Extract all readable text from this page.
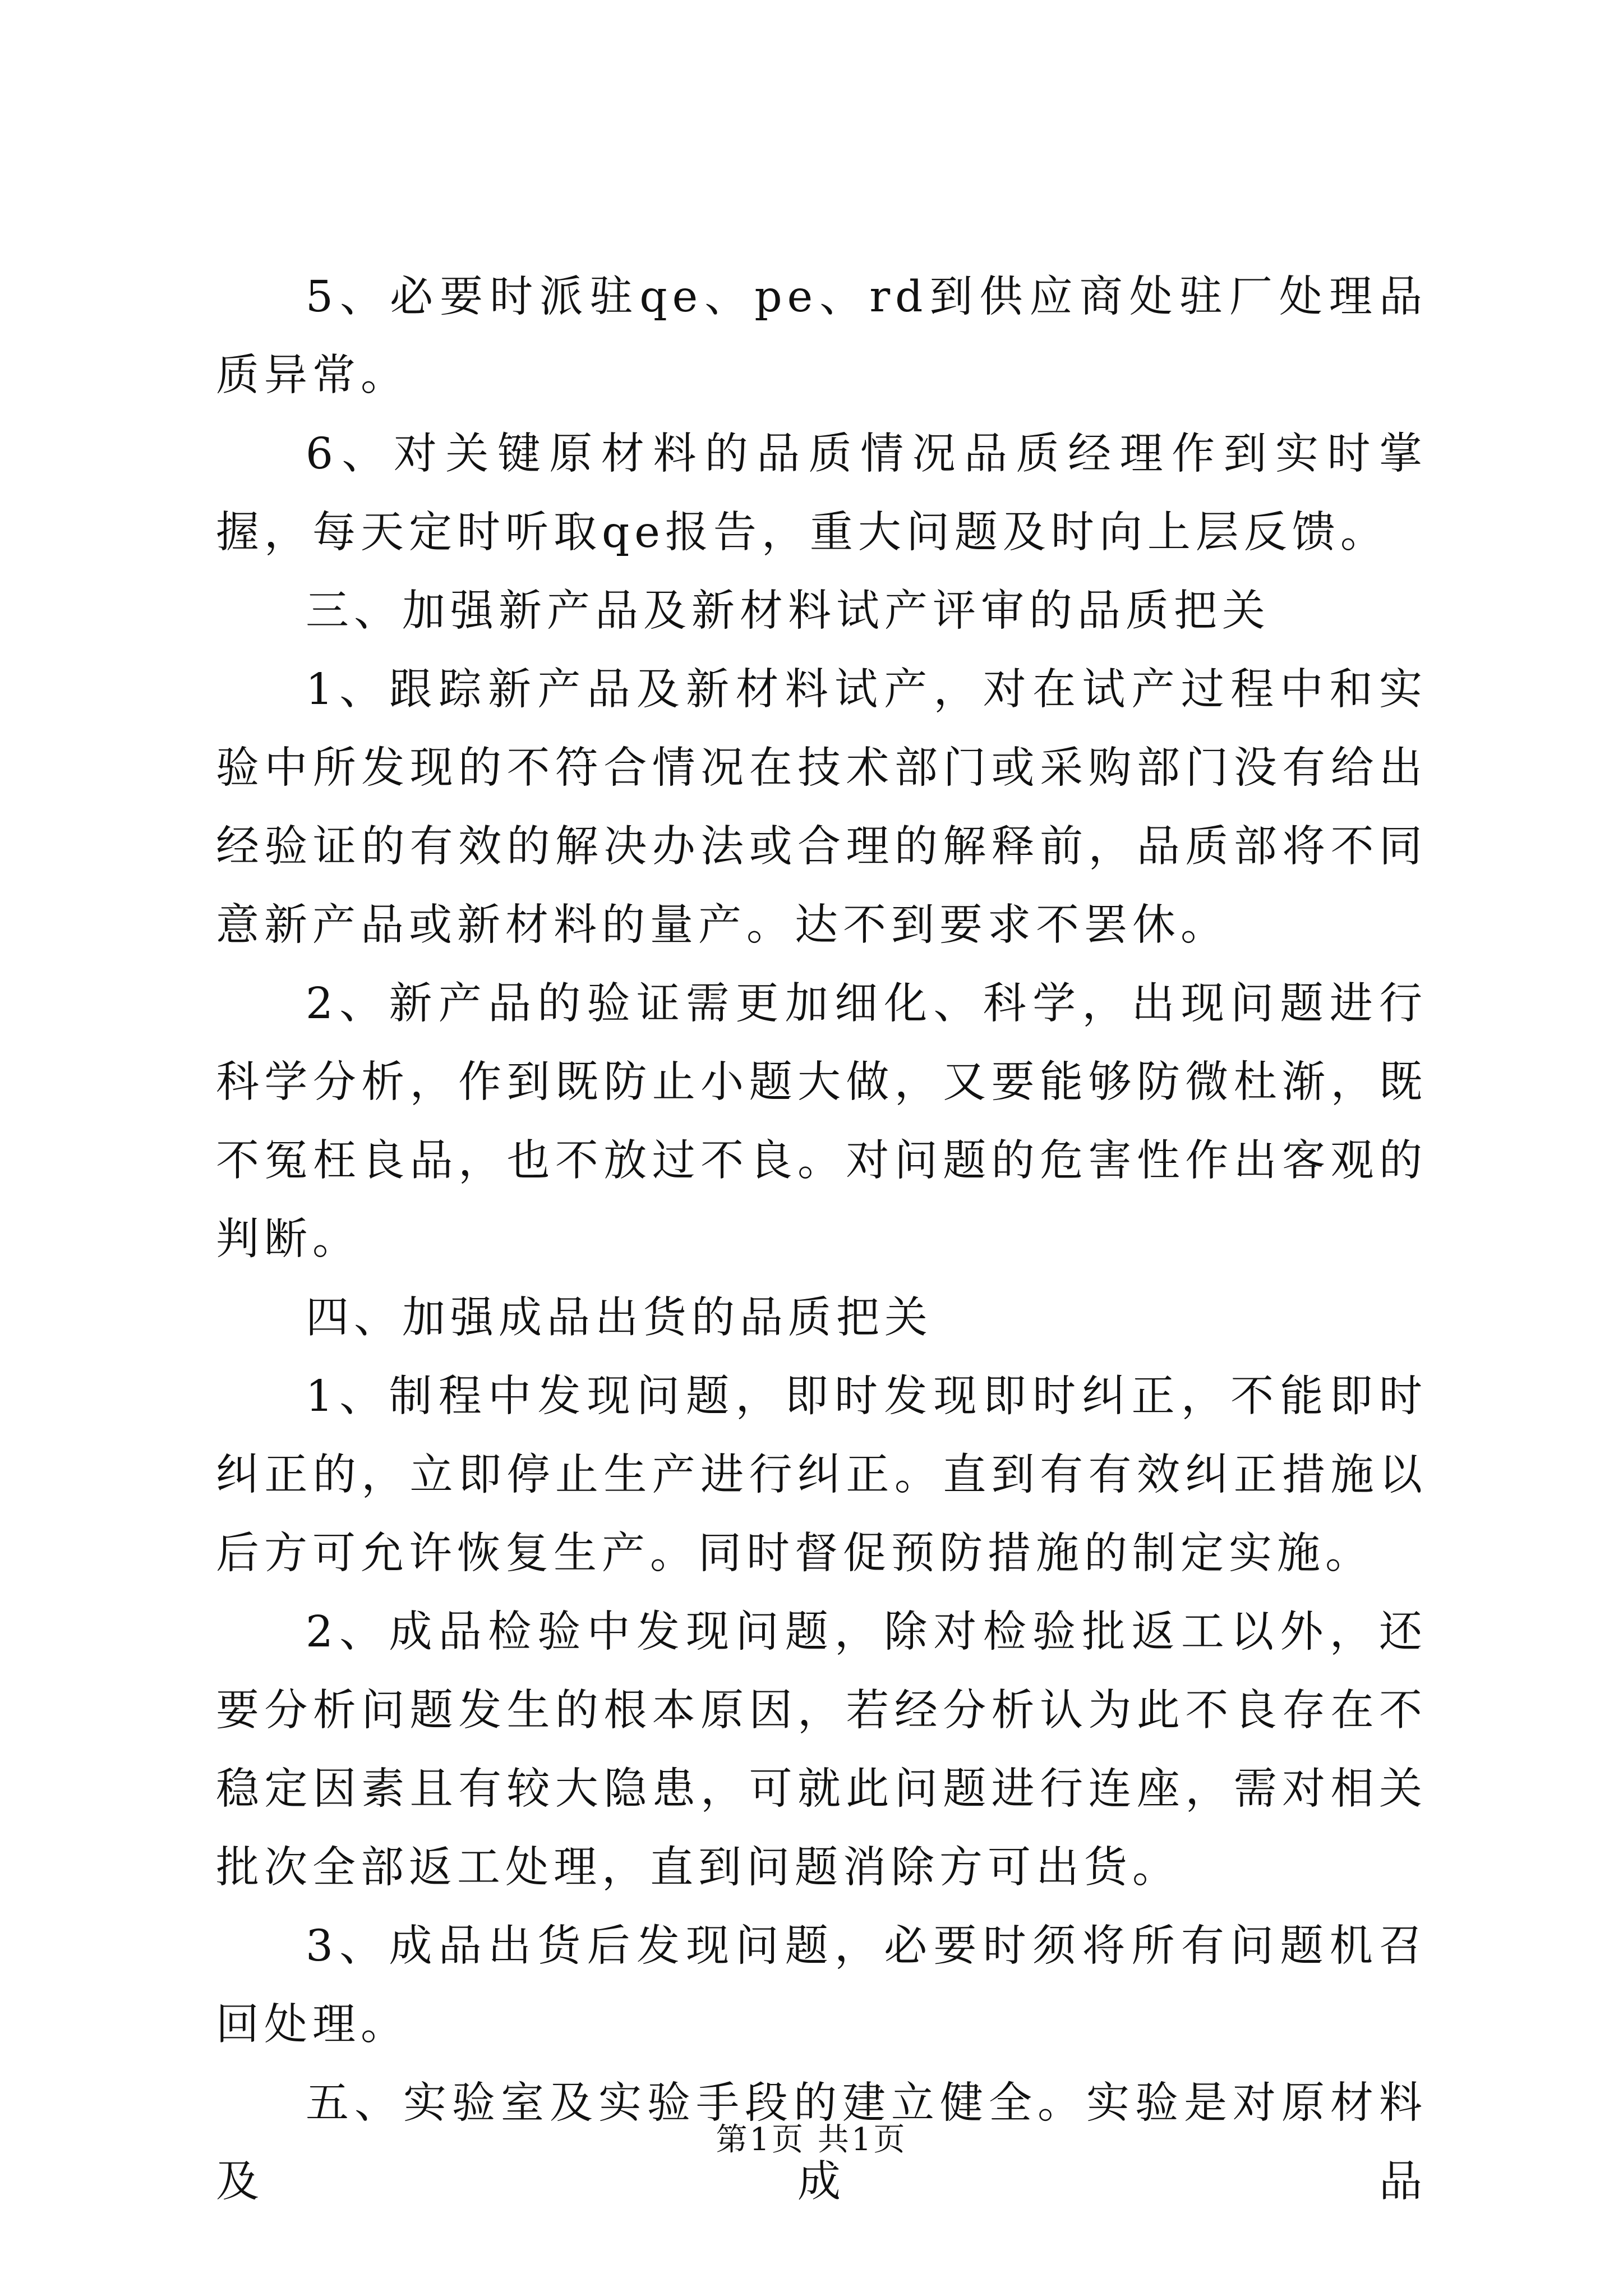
5、必要时派驻qe、pe、rd到供应商处驻厂处理品质异常。

6、对关键原材料的品质情况品质经理作到实时掌握，每天定时听取qe报告，重大问题及时向上层反馈。

三、加强新产品及新材料试产评审的品质把关

1、跟踪新产品及新材料试产，对在试产过程中和实验中所发现的不符合情况在技术部门或采购部门没有给出经验证的有效的解决办法或合理的解释前，品质部将不同意新产品或新材料的量产。达不到要求不罢休。

2、新产品的验证需更加细化、科学，出现问题进行科学分析，作到既防止小题大做，又要能够防微杜渐，既不冤枉良品，也不放过不良。对问题的危害性作出客观的判断。

四、加强成品出货的品质把关

1、制程中发现问题，即时发现即时纠正，不能即时纠正的，立即停止生产进行纠正。直到有有效纠正措施以后方可允许恢复生产。同时督促预防措施的制定实施。

2、成品检验中发现问题，除对检验批返工以外，还要分析问题发生的根本原因，若经分析认为此不良存在不稳定因素且有较大隐患，可就此问题进行连座，需对相关批次全部返工处理，直到问题消除方可出货。

3、成品出货后发现问题，必要时须将所有问题机召回处理。

五、实验室及实验手段的建立健全。实验是对原材料及成品

第1页 共1页
